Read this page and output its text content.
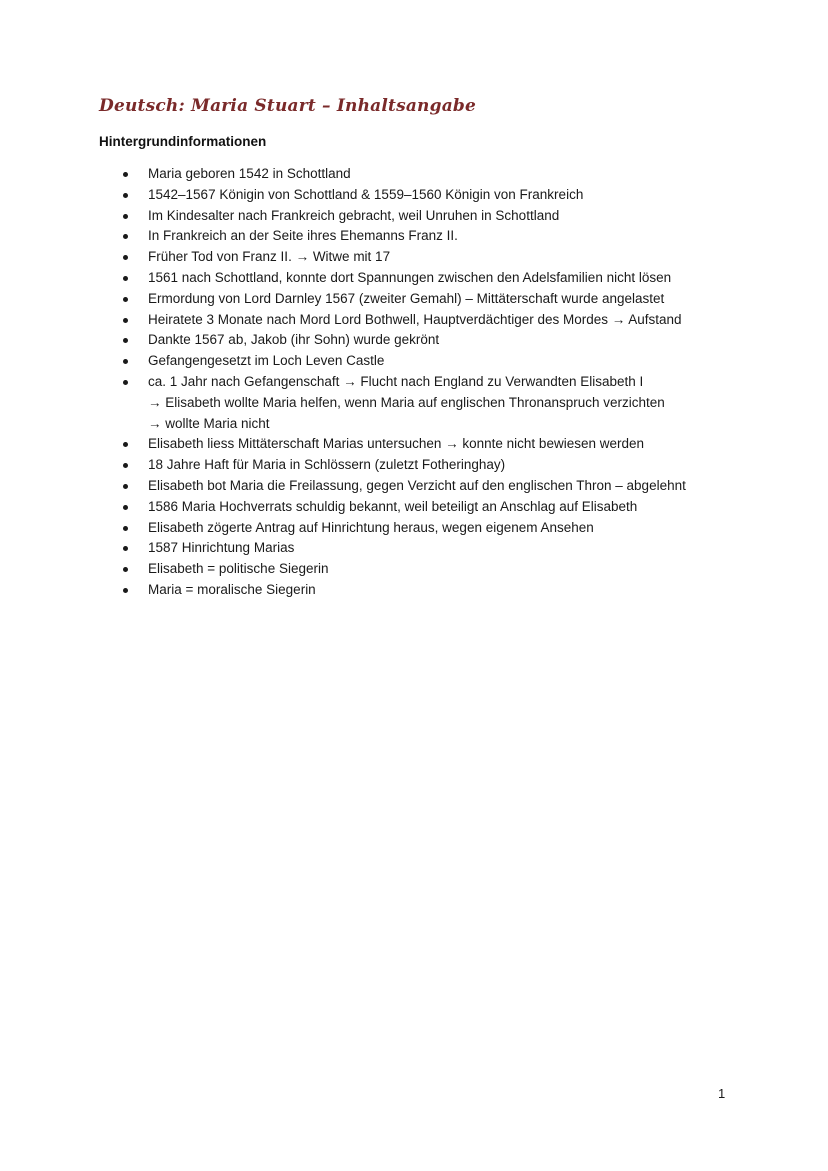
Deutsch: Maria Stuart – Inhaltsangabe
Hintergrundinformationen
Maria geboren 1542 in Schottland
1542–1567 Königin von Schottland & 1559–1560 Königin von Frankreich
Im Kindesalter nach Frankreich gebracht, weil Unruhen in Schottland
In Frankreich an der Seite ihres Ehemanns Franz II.
Früher Tod von Franz II. → Witwe mit 17
1561 nach Schottland, konnte dort Spannungen zwischen den Adelsfamilien nicht lösen
Ermordung von Lord Darnley 1567 (zweiter Gemahl) – Mittäterschaft wurde angelastet
Heiratete 3 Monate nach Mord Lord Bothwell, Hauptverdächtiger des Mordes → Aufstand
Dankte 1567 ab, Jakob (ihr Sohn) wurde gekrönt
Gefangengesetzt im Loch Leven Castle
ca. 1 Jahr nach Gefangenschaft → Flucht nach England zu Verwandten Elisabeth I
→ Elisabeth wollte Maria helfen, wenn Maria auf englischen Thronanspruch verzichten
→ wollte Maria nicht
Elisabeth liess Mittäterschaft Marias untersuchen → konnte nicht bewiesen werden
18 Jahre Haft für Maria in Schlössern (zuletzt Fotheringhay)
Elisabeth bot Maria die Freilassung, gegen Verzicht auf den englischen Thron – abgelehnt
1586 Maria Hochverrats schuldig bekannt, weil beteiligt an Anschlag auf Elisabeth
Elisabeth zögerte Antrag auf Hinrichtung heraus, wegen eigenem Ansehen
1587 Hinrichtung Marias
Elisabeth = politische Siegerin
Maria = moralische Siegerin
1
